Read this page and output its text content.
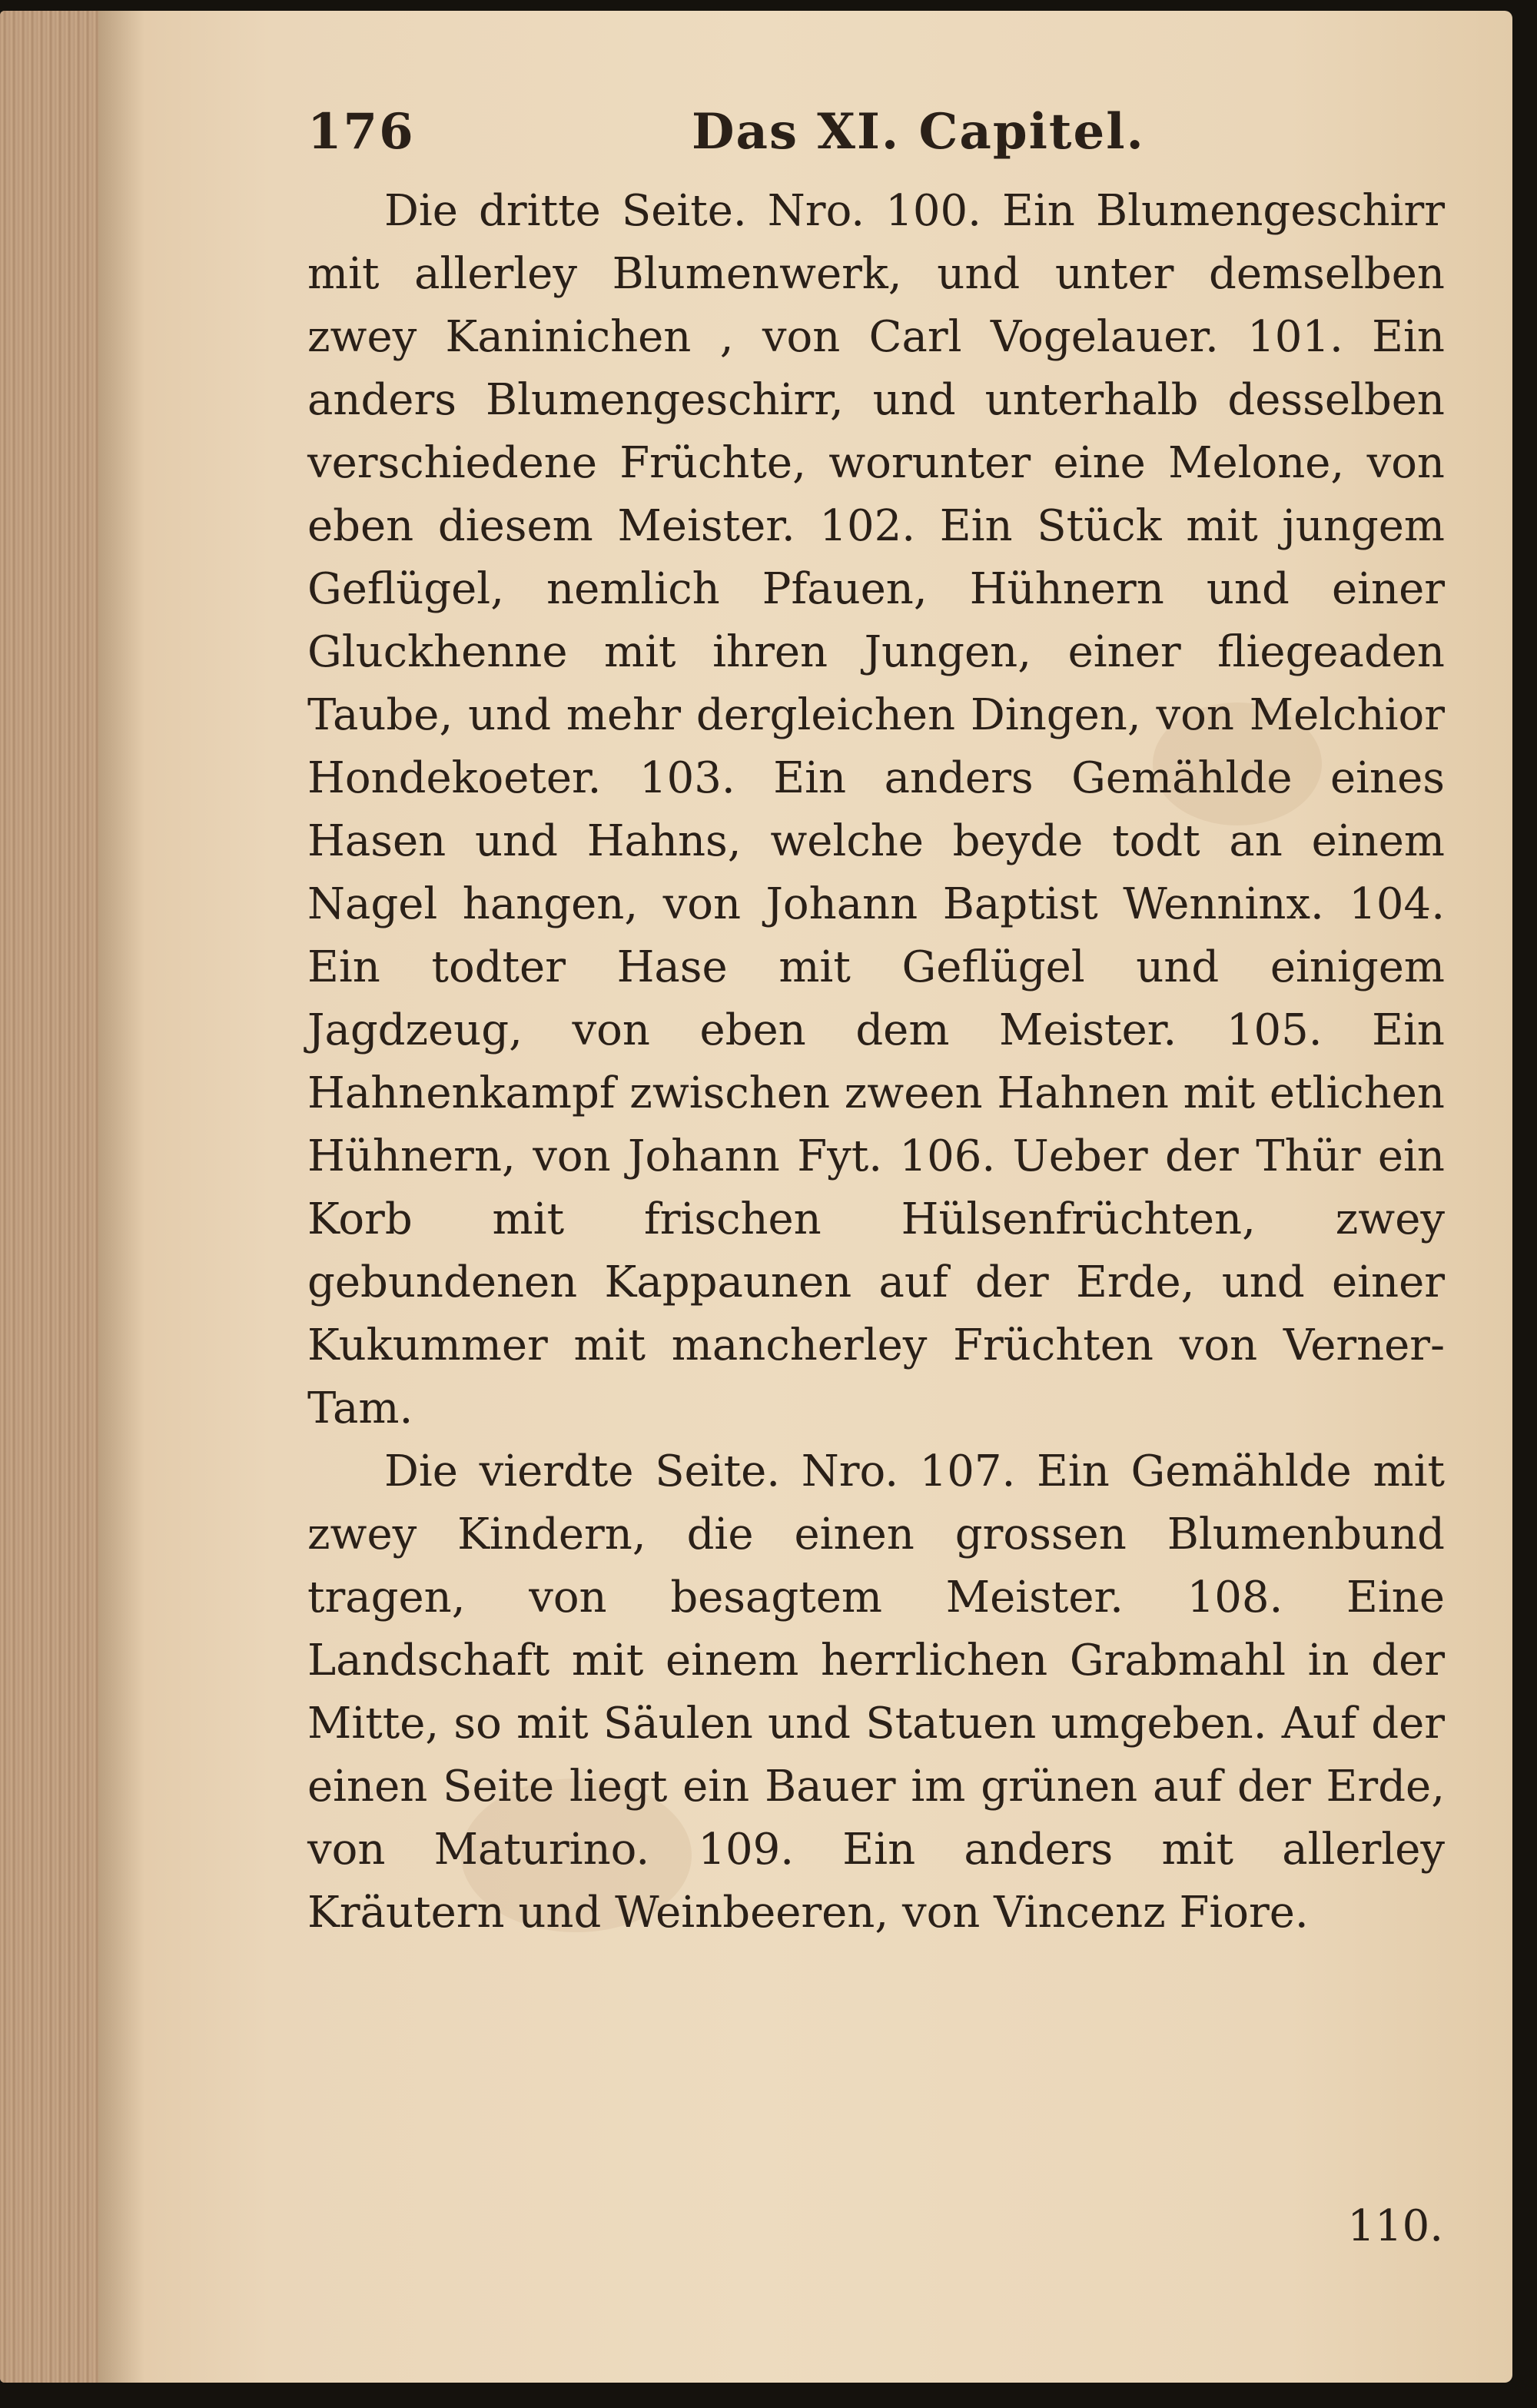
176	Das XI. Capitel.

Die dritte Seite. Nro. 100. Ein Blumengeschirr mit allerley Blumenwerk, und unter demselben zwey Kaninichen , von Carl Vogelauer. 101. Ein anders Blumengeschirr, und unterhalb desselben verschiedene Früchte, worunter eine Melone, von eben diesem Meister. 102. Ein Stück mit jungem Geflügel, nemlich Pfauen, Hühnern und einer Gluckhenne mit ihren Jungen, einer fliegeaden Taube, und mehr dergleichen Dingen, von Melchior Hondekoeter. 103. Ein anders Gemähldе eines Hasen und Hahns, welche beyde todt an einem Nagel hangen, von Johann Baptist Wenninx. 104. Ein todter Hase mit Geflügel und einigem Jagdzeug, von eben dem Meister. 105. Ein Hahnenkampf zwischen zween Hahnen mit etlichen Hühnern, von Johann Fyt. 106. Ueber der Thür ein Korb mit frischen Hülsenfrüchten, zwey gebundenen Kappaunen auf der Erde, und einer Kukummer mit mancherley Früchten von Verner-Tam.

Die vierdte Seite. Nro. 107. Ein Gemählde mit zwey Kindern, die einen grossen Blumenbund tragen, von besagtem Meister. 108. Eine Landschaft mit einem herrlichen Grabmahl in der Mitte, so mit Säulen und Statuen umgeben. Auf der einen Seite liegt ein Bauer im grünen auf der Erde, von Maturino. 109. Ein anders mit allerley Kräutern und Weinbeeren, von Vincenz Fiore.

110.
